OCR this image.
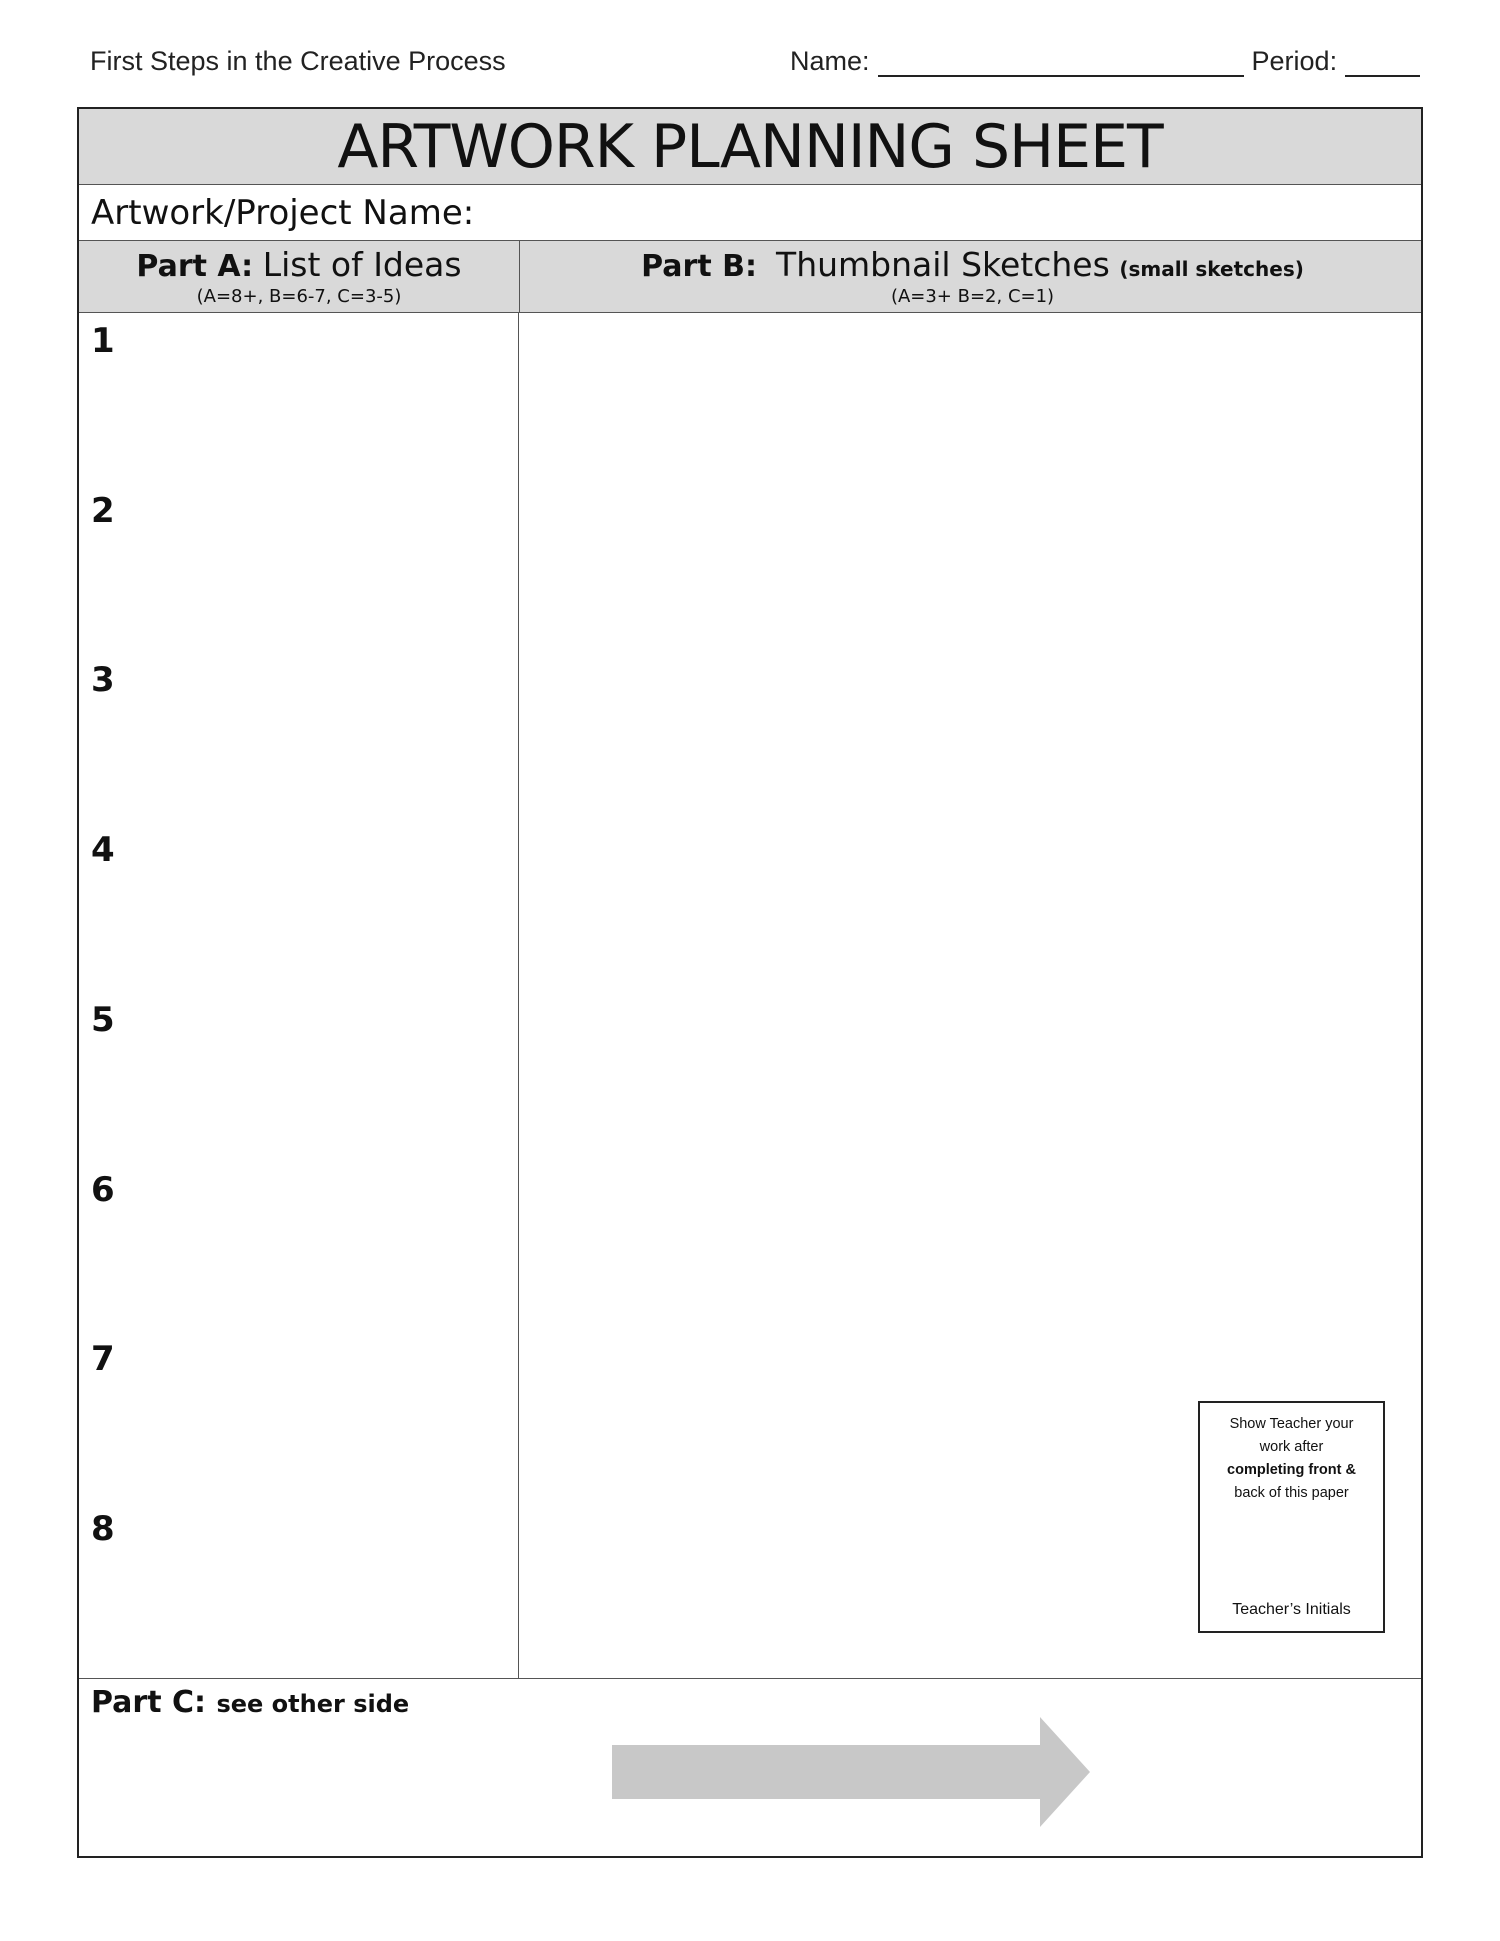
First Steps in the Creative Process	Name:	Period:
ARTWORK PLANNING SHEET
Artwork/Project Name:
Part A: List of Ideas
(A=8+, B=6-7, C=3-5)
Part B: Thumbnail Sketches (small sketches)
(A=3+ B=2, C=1)
1
2
3
4
5
6
7
8
Show Teacher your
work after
completing front &
back of this paper
Teacher’s Initials
Part C: see other side
